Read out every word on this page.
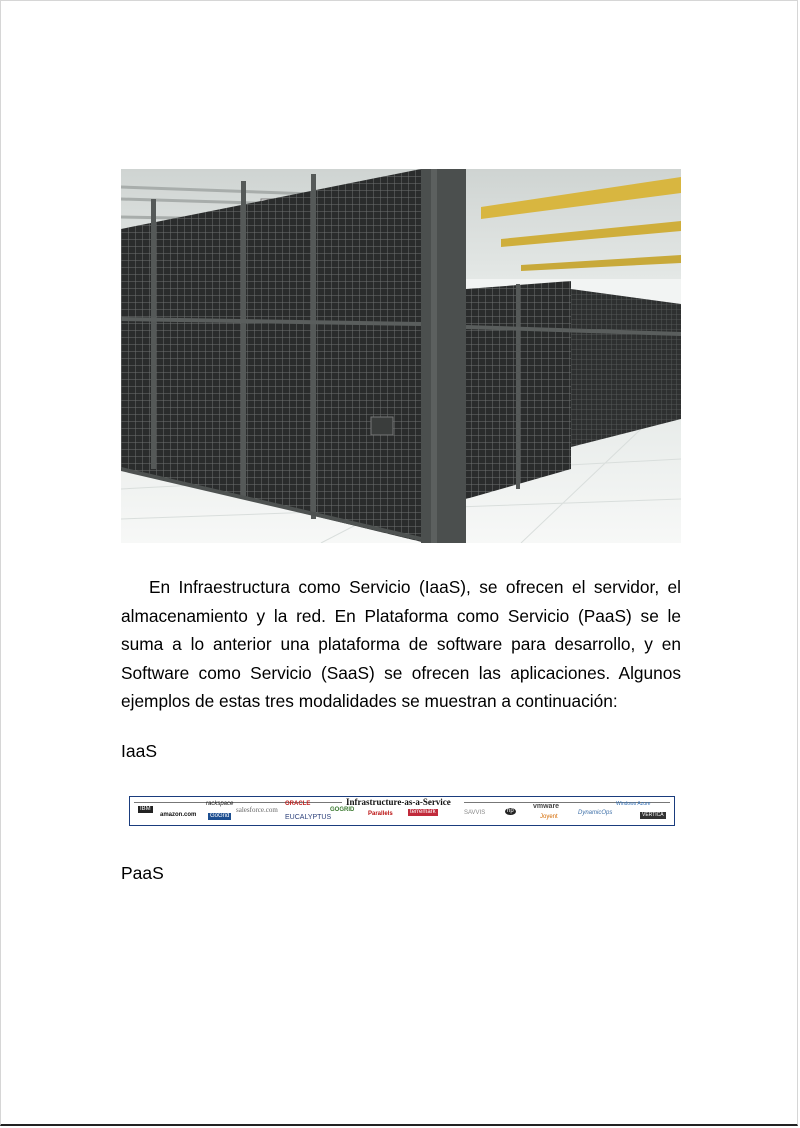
En Infraestructura como Servicio (IaaS), se ofrecen el servidor, el almacenamiento y la red. En Plataforma como Servicio (PaaS) se le suma a lo anterior una plataforma de software para desarrollo, y en Software como Servicio (SaaS) se ofrecen las aplicaciones. Algunos ejemplos de estas tres modalidades se muestran a continuación:

IaaS
Infrastructure-as-a-Service
IBM
amazon.com
rackspace
GoGrid
salesforce.com
ORACLE
EUCALYPTUS
GOGRID
Parallels	terremark	SAVVIS	hp
vmware
Joyent
DynamicOps
Windows Azure
VERTICA
PaaS
